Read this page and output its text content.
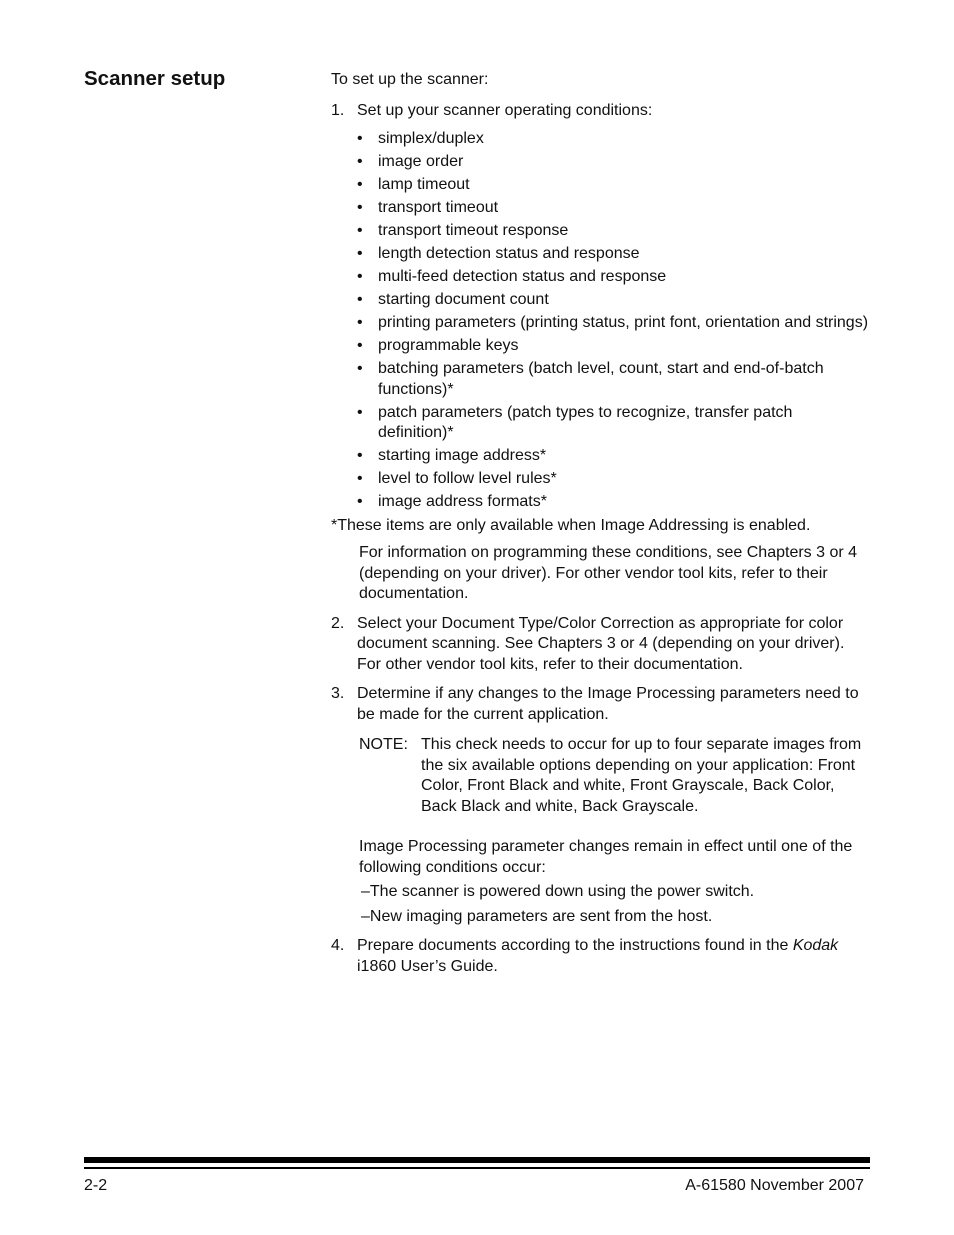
Scanner setup	To set up the scanner:

1. Set up your scanner operating conditions:

• simplex/duplex
• image order
• lamp timeout
• transport timeout
• transport timeout response
• length detection status and response
• multi-feed detection status and response
• starting document count
• printing parameters (printing status, print font, orientation and strings)
• programmable keys
• batching parameters (batch level, count, start and end-of-batch functions)*
• patch parameters (patch types to recognize, transfer patch definition)*
• starting image address*
• level to follow level rules*
• image address formats*

*These items are only available when Image Addressing is enabled.

For information on programming these conditions, see Chapters 3 or 4 (depending on your driver). For other vendor tool kits, refer to their documentation.

2. Select your Document Type/Color Correction as appropriate for color document scanning. See Chapters 3 or 4 (depending on your driver). For other vendor tool kits, refer to their documentation.

3. Determine if any changes to the Image Processing parameters need to be made for the current application.

NOTE: This check needs to occur for up to four separate images from the six available options depending on your application: Front Color, Front Black and white, Front Grayscale, Back Color, Back Black and white, Back Grayscale.

Image Processing parameter changes remain in effect until one of the following conditions occur:

–The scanner is powered down using the power switch.

–New imaging parameters are sent from the host.

4. Prepare documents according to the instructions found in the Kodak i1860 User’s Guide.

2-2	A-61580 November 2007
